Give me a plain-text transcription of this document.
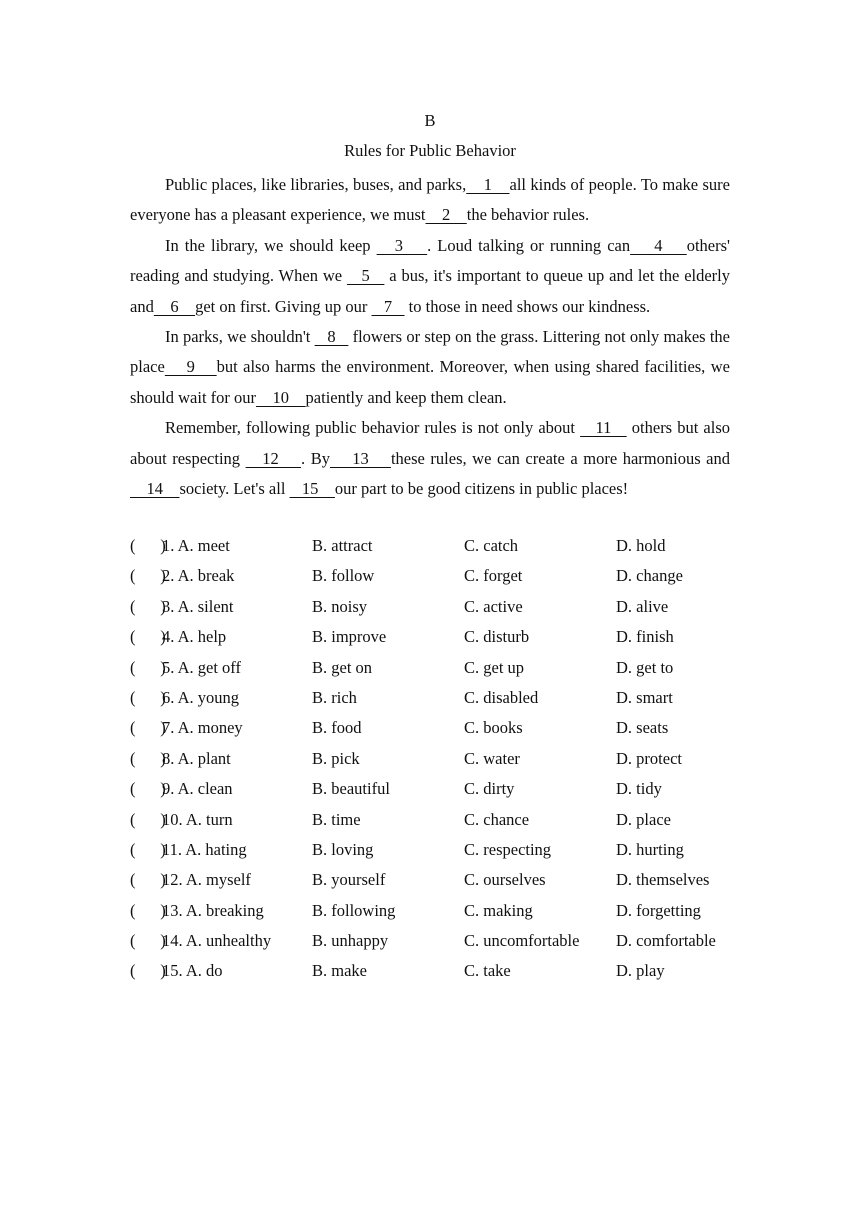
B
Rules for Public Behavior

Public places, like libraries, buses, and parks,    1    all kinds of people. To make sure everyone has a pleasant experience, we must    2    the behavior rules.

In the library, we should keep    3    . Loud talking or running can    4    others' reading and studying. When we    5    a bus, it's important to queue up and let the elderly and    6    get on first. Giving up our    7    to those in need shows our kindness.

In parks, we shouldn't    8    flowers or step on the grass. Littering not only makes the place    9    but also harms the environment. Moreover, when using shared facilities, we should wait for our    10    patiently and keep them clean.

Remember, following public behavior rules is not only about    11    others but also about respecting    12    . By    13    these rules, we can create a more harmonious and    14    society. Let's all    15    our part to be good citizens in public places!

(      )
1. A. meet	B. attract	C. catch	D. hold
(      )
2. A. break	B. follow	C. forget	D. change
(      )
3. A. silent	B. noisy	C. active	D. alive
(      )
4. A. help	B. improve	C. disturb	D. finish
(      )
5. A. get off	B. get on	C. get up	D. get to
(      )
6. A. young	B. rich	C. disabled	D. smart
(      )
7. A. money	B. food	C. books	D. seats
(      )
8. A. plant	B. pick	C. water	D. protect
(      )
9. A. clean	B. beautiful	C. dirty	D. tidy
(      )
10. A. turn	B. time	C. chance	D. place
(      )
11. A. hating	B. loving	C. respecting	D. hurting
(      )
12. A. myself	B. yourself	C. ourselves	D. themselves
(      )
13. A. breaking	B. following	C. making	D. forgetting
(      )
14. A. unhealthy B. unhappy	C. uncomfortable D. comfortable
(      )
15. A. do	B. make	C. take	D. play
